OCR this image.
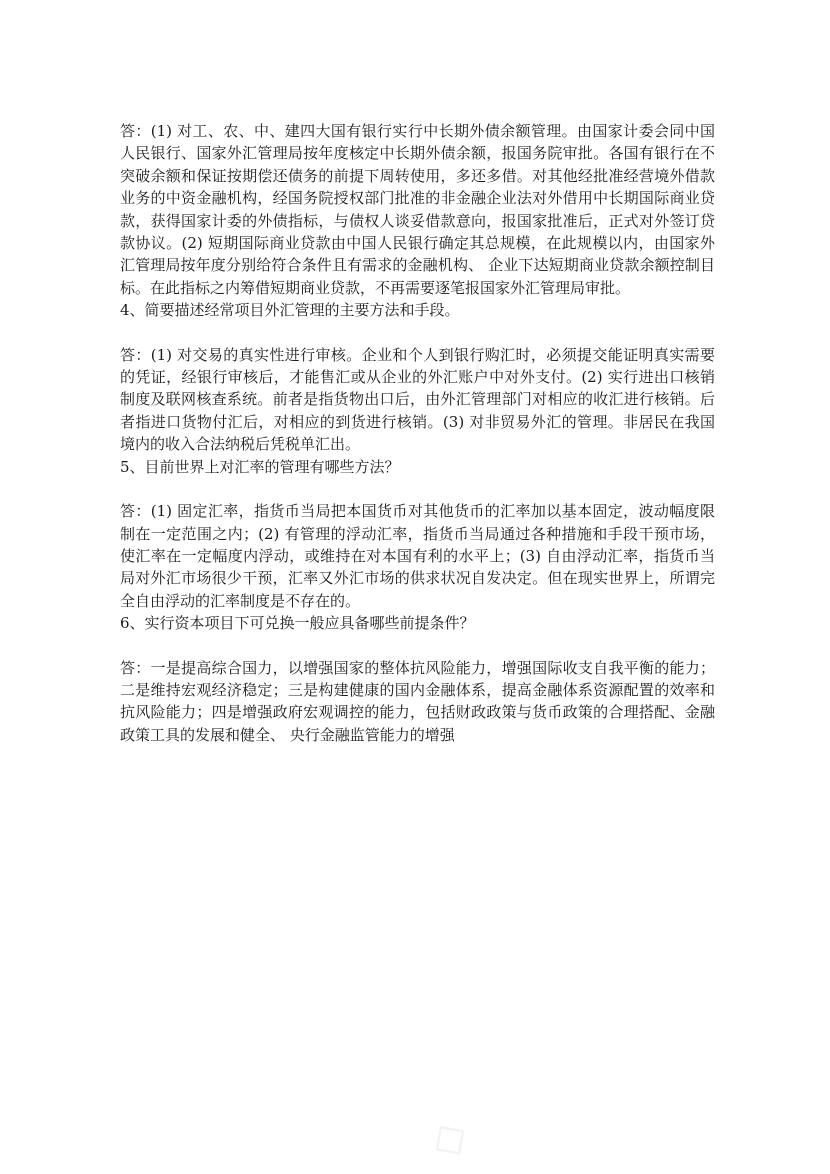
◇
◇

答：(1) 对工、农、中、建四大国有银行实行中长期外债余额管理。由国家计委会同中国人民银行、国家外汇管理局按年度核定中长期外债余额，报国务院审批。各国有银行在不突破余额和保证按期偿还债务的前提下周转使用，多还多借。对其他经批准经营境外借款业务的中资金融机构，经国务院授权部门批准的非金融企业法对外借用中长期国际商业贷款，获得国家计委的外债指标，与债权人谈妥借款意向，报国家批准后，正式对外签订贷款协议。(2) 短期国际商业贷款由中国人民银行确定其总规模，在此规模以内，由国家外汇管理局按年度分别给符合条件且有需求的金融机构、 企业下达短期商业贷款余额控制目标。在此指标之内筹借短期商业贷款，不再需要逐笔报国家外汇管理局审批。

4、简要描述经常项目外汇管理的主要方法和手段。

答：(1) 对交易的真实性进行审核。企业和个人到银行购汇时，必须提交能证明真实需要的凭证，经银行审核后，才能售汇或从企业的外汇账户中对外支付。(2) 实行进出口核销制度及联网核查系统。前者是指货物出口后，由外汇管理部门对相应的收汇进行核销。后者指进口货物付汇后，对相应的到货进行核销。(3) 对非贸易外汇的管理。非居民在我国境内的收入合法纳税后凭税单汇出。

5、目前世界上对汇率的管理有哪些方法？

答：(1) 固定汇率，指货币当局把本国货币对其他货币的汇率加以基本固定，波动幅度限制在一定范围之内；(2) 有管理的浮动汇率，指货币当局通过各种措施和手段干预市场，使汇率在一定幅度内浮动，或维持在对本国有利的水平上；(3) 自由浮动汇率，指货币当局对外汇市场很少干预，汇率又外汇市场的供求状况自发决定。但在现实世界上，所谓完全自由浮动的汇率制度是不存在的。

6、实行资本项目下可兑换一般应具备哪些前提条件？

答：一是提高综合国力，以增强国家的整体抗风险能力，增强国际收支自我平衡的能力；二是维持宏观经济稳定；三是构建健康的国内金融体系，提高金融体系资源配置的效率和抗风险能力；四是增强政府宏观调控的能力，包括财政政策与货币政策的合理搭配、金融政策工具的发展和健全、 央行金融监管能力的增强
